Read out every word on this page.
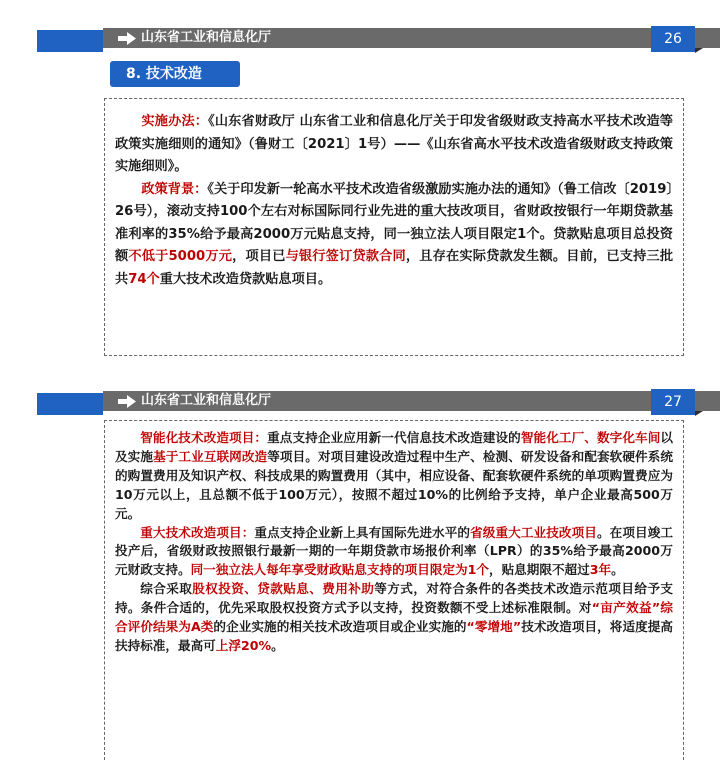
山东省工业和信息化厅	26
8. 技术改造

实施办法：《山东省财政厅 山东省工业和信息化厅关于印发省级财政支持高水平技术改造等政策实施细则的通知》（鲁财工〔2021〕1号）——《山东省高水平技术改造省级财政支持政策实施细则》。

政策背景：《关于印发新一轮高水平技术改造省级激励实施办法的通知》（鲁工信改〔2019〕26号），滚动支持100个左右对标国际同行业先进的重大技改项目，省财政按银行一年期贷款基准利率的35%给予最高2000万元贴息支持，同一独立法人项目限定1个。贷款贴息项目总投资额不低于5000万元，项目已与银行签订贷款合同，且存在实际贷款发生额。目前，已支持三批共74个重大技术改造贷款贴息项目。

山东省工业和信息化厅	27

智能化技术改造项目：重点支持企业应用新一代信息技术改造建设的智能化工厂、数字化车间以及实施基于工业互联网改造等项目。对项目建设改造过程中生产、检测、研发设备和配套软硬件系统的购置费用及知识产权、科技成果的购置费用（其中，相应设备、配套软硬件系统的单项购置费应为10万元以上，且总额不低于100万元），按照不超过10%的比例给予支持，单户企业最高500万元。

重大技术改造项目：重点支持企业新上具有国际先进水平的省级重大工业技改项目。在项目竣工投产后，省级财政按照银行最新一期的一年期贷款市场报价利率（LPR）的35%给予最高2000万元财政支持。同一独立法人每年享受财政贴息支持的项目限定为1个，贴息期限不超过3年。

综合采取股权投资、贷款贴息、费用补助等方式，对符合条件的各类技术改造示范项目给予支持。条件合适的，优先采取股权投资方式予以支持，投资数额不受上述标准限制。对“亩产效益”综合评价结果为A类的企业实施的相关技术改造项目或企业实施的“零增地”技术改造项目，将适度提高扶持标准，最高可上浮20%。
